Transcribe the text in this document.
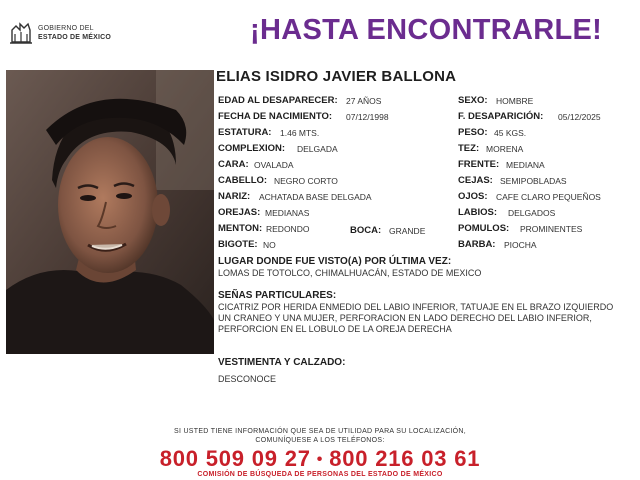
GOBIERNO DEL
ESTADO DE MÉXICO	¡HASTA ENCONTRARLE!
ELIAS ISIDRO JAVIER BALLONA
EDAD AL DESAPARECER: 27 AÑOS
FECHA DE NACIMIENTO: 07/12/1998
ESTATURA: 1.46 MTS.
COMPLEXION: DELGADA
CARA: OVALADA
CABELLO: NEGRO CORTO
NARIZ: ACHATADA BASE DELGADA
OREJAS: MEDIANAS
MENTON: REDONDO	BOCA: GRANDE
BIGOTE: NO
SEXO: HOMBRE
F. DESAPARICIÓN: 05/12/2025
PESO: 45 KGS.
TEZ: MORENA
FRENTE: MEDIANA
CEJAS: SEMIPOBLADAS
OJOS: CAFE CLARO PEQUEÑOS
LABIOS: DELGADOS
POMULOS: PROMINENTES
BARBA: PIOCHA
LUGAR DONDE FUE VISTO(A) POR ÚLTIMA VEZ:
LOMAS DE TOTOLCO, CHIMALHUACÁN, ESTADO DE MEXICO
SEÑAS PARTICULARES:
CICATRIZ POR HERIDA ENMEDIO DEL LABIO INFERIOR, TATUAJE EN EL BRAZO IZQUIERDO UN CRANEO Y UNA MUJER, PERFORACION EN LADO DERECHO DEL LABIO INFERIOR, PERFORCION EN EL LOBULO DE LA OREJA DERECHA
VESTIMENTA Y CALZADO:
DESCONOCE
SI USTED TIENE INFORMACIÓN QUE SEA DE UTILIDAD PARA SU LOCALIZACIÓN,
COMUNÍQUESE A LOS TELÉFONOS:
800 509 09 27 • 800 216 03 61
COMISIÓN DE BÚSQUEDA DE PERSONAS DEL ESTADO DE MÉXICO
